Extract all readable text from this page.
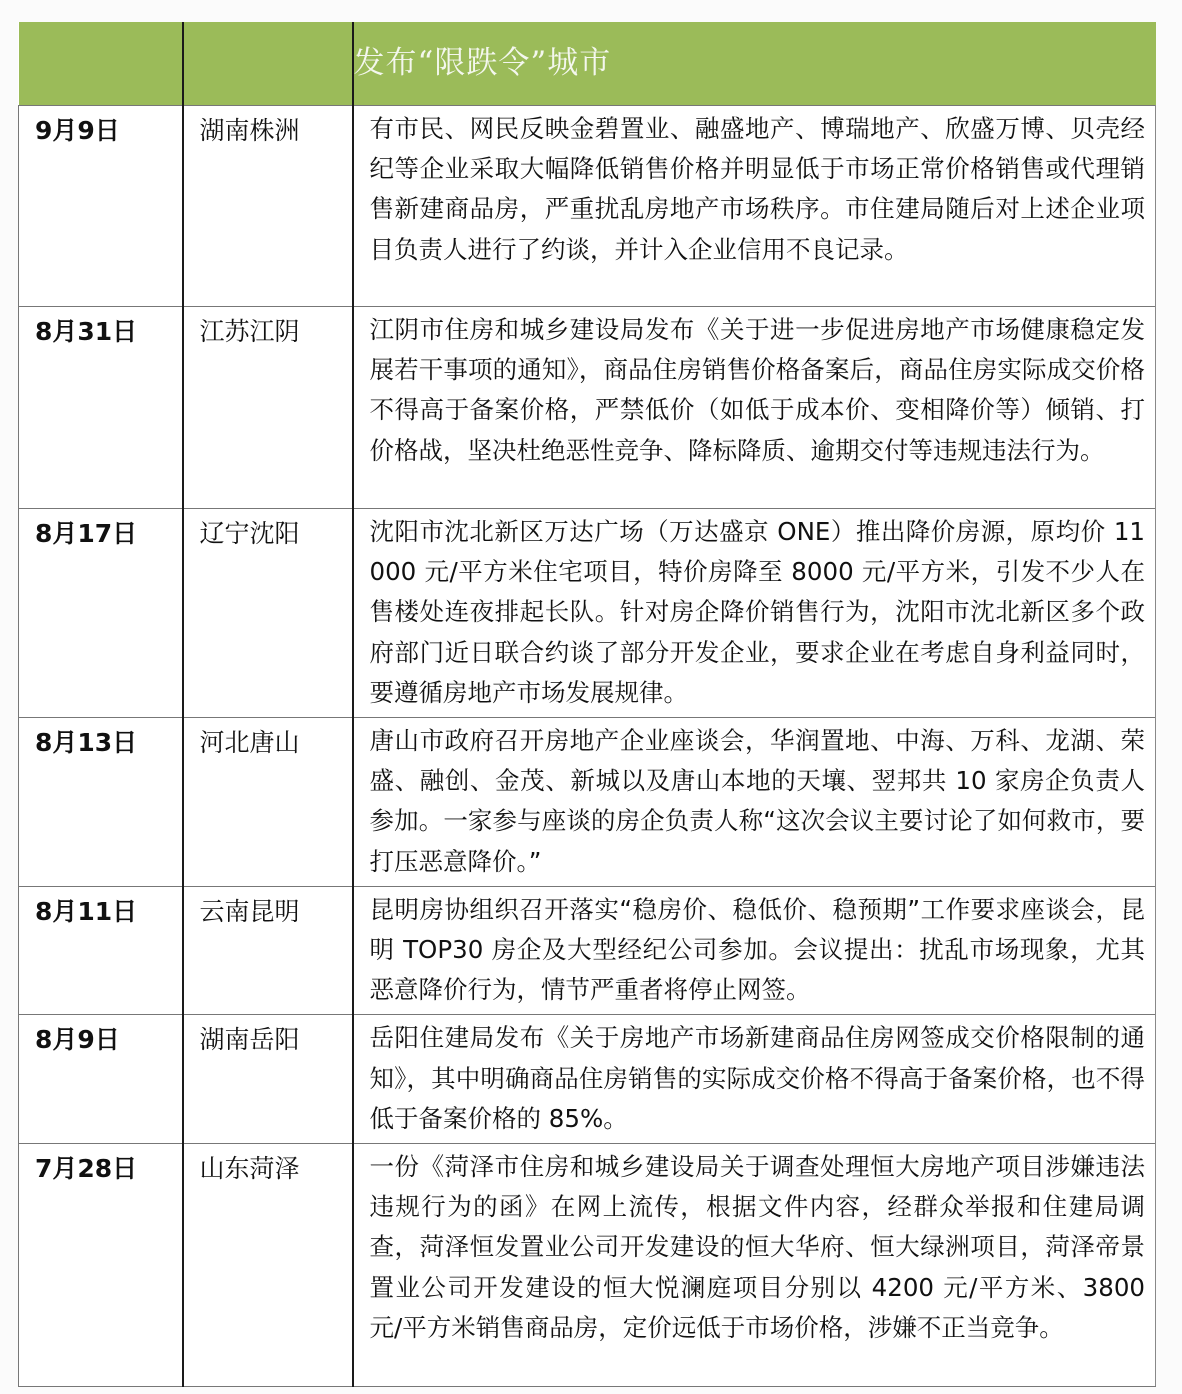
		发布“限跌令”城市
9月9日	湖南株洲	有市民、网民反映金碧置业、融盛地产、博瑞地产、欣盛万博、贝壳经纪等企业采取大幅降低销售价格并明显低于市场正常价格销售或代理销售新建商品房，严重扰乱房地产市场秩序。市住建局随后对上述企业项目负责人进行了约谈，并计入企业信用不良记录。
8月31日	江苏江阴	江阴市住房和城乡建设局发布《关于进一步促进房地产市场健康稳定发展若干事项的通知》，商品住房销售价格备案后，商品住房实际成交价格不得高于备案价格，严禁低价（如低于成本价、变相降价等）倾销、打价格战，坚决杜绝恶性竞争、降标降质、逾期交付等违规违法行为。
8月17日	辽宁沈阳	沈阳市沈北新区万达广场（万达盛京 ONE）推出降价房源，原均价 11000 元/平方米住宅项目，特价房降至 8000 元/平方米，引发不少人在售楼处连夜排起长队。针对房企降价销售行为，沈阳市沈北新区多个政府部门近日联合约谈了部分开发企业，要求企业在考虑自身利益同时，要遵循房地产市场发展规律。
8月13日	河北唐山	唐山市政府召开房地产企业座谈会，华润置地、中海、万科、龙湖、荣盛、融创、金茂、新城以及唐山本地的天壤、翌邦共 10 家房企负责人参加。一家参与座谈的房企负责人称“这次会议主要讨论了如何救市，要打压恶意降价。”
8月11日	云南昆明	昆明房协组织召开落实“稳房价、稳低价、稳预期”工作要求座谈会，昆明 TOP30 房企及大型经纪公司参加。会议提出：扰乱市场现象，尤其恶意降价行为，情节严重者将停止网签。
8月9日	湖南岳阳	岳阳住建局发布《关于房地产市场新建商品住房网签成交价格限制的通知》，其中明确商品住房销售的实际成交价格不得高于备案价格，也不得低于备案价格的 85%。
7月28日	山东菏泽	一份《菏泽市住房和城乡建设局关于调查处理恒大房地产项目涉嫌违法违规行为的函》在网上流传，根据文件内容，经群众举报和住建局调查，菏泽恒发置业公司开发建设的恒大华府、恒大绿洲项目，菏泽帝景置业公司开发建设的恒大悦澜庭项目分别以 4200 元/平方米、3800 元/平方米销售商品房，定价远低于市场价格，涉嫌不正当竞争。
